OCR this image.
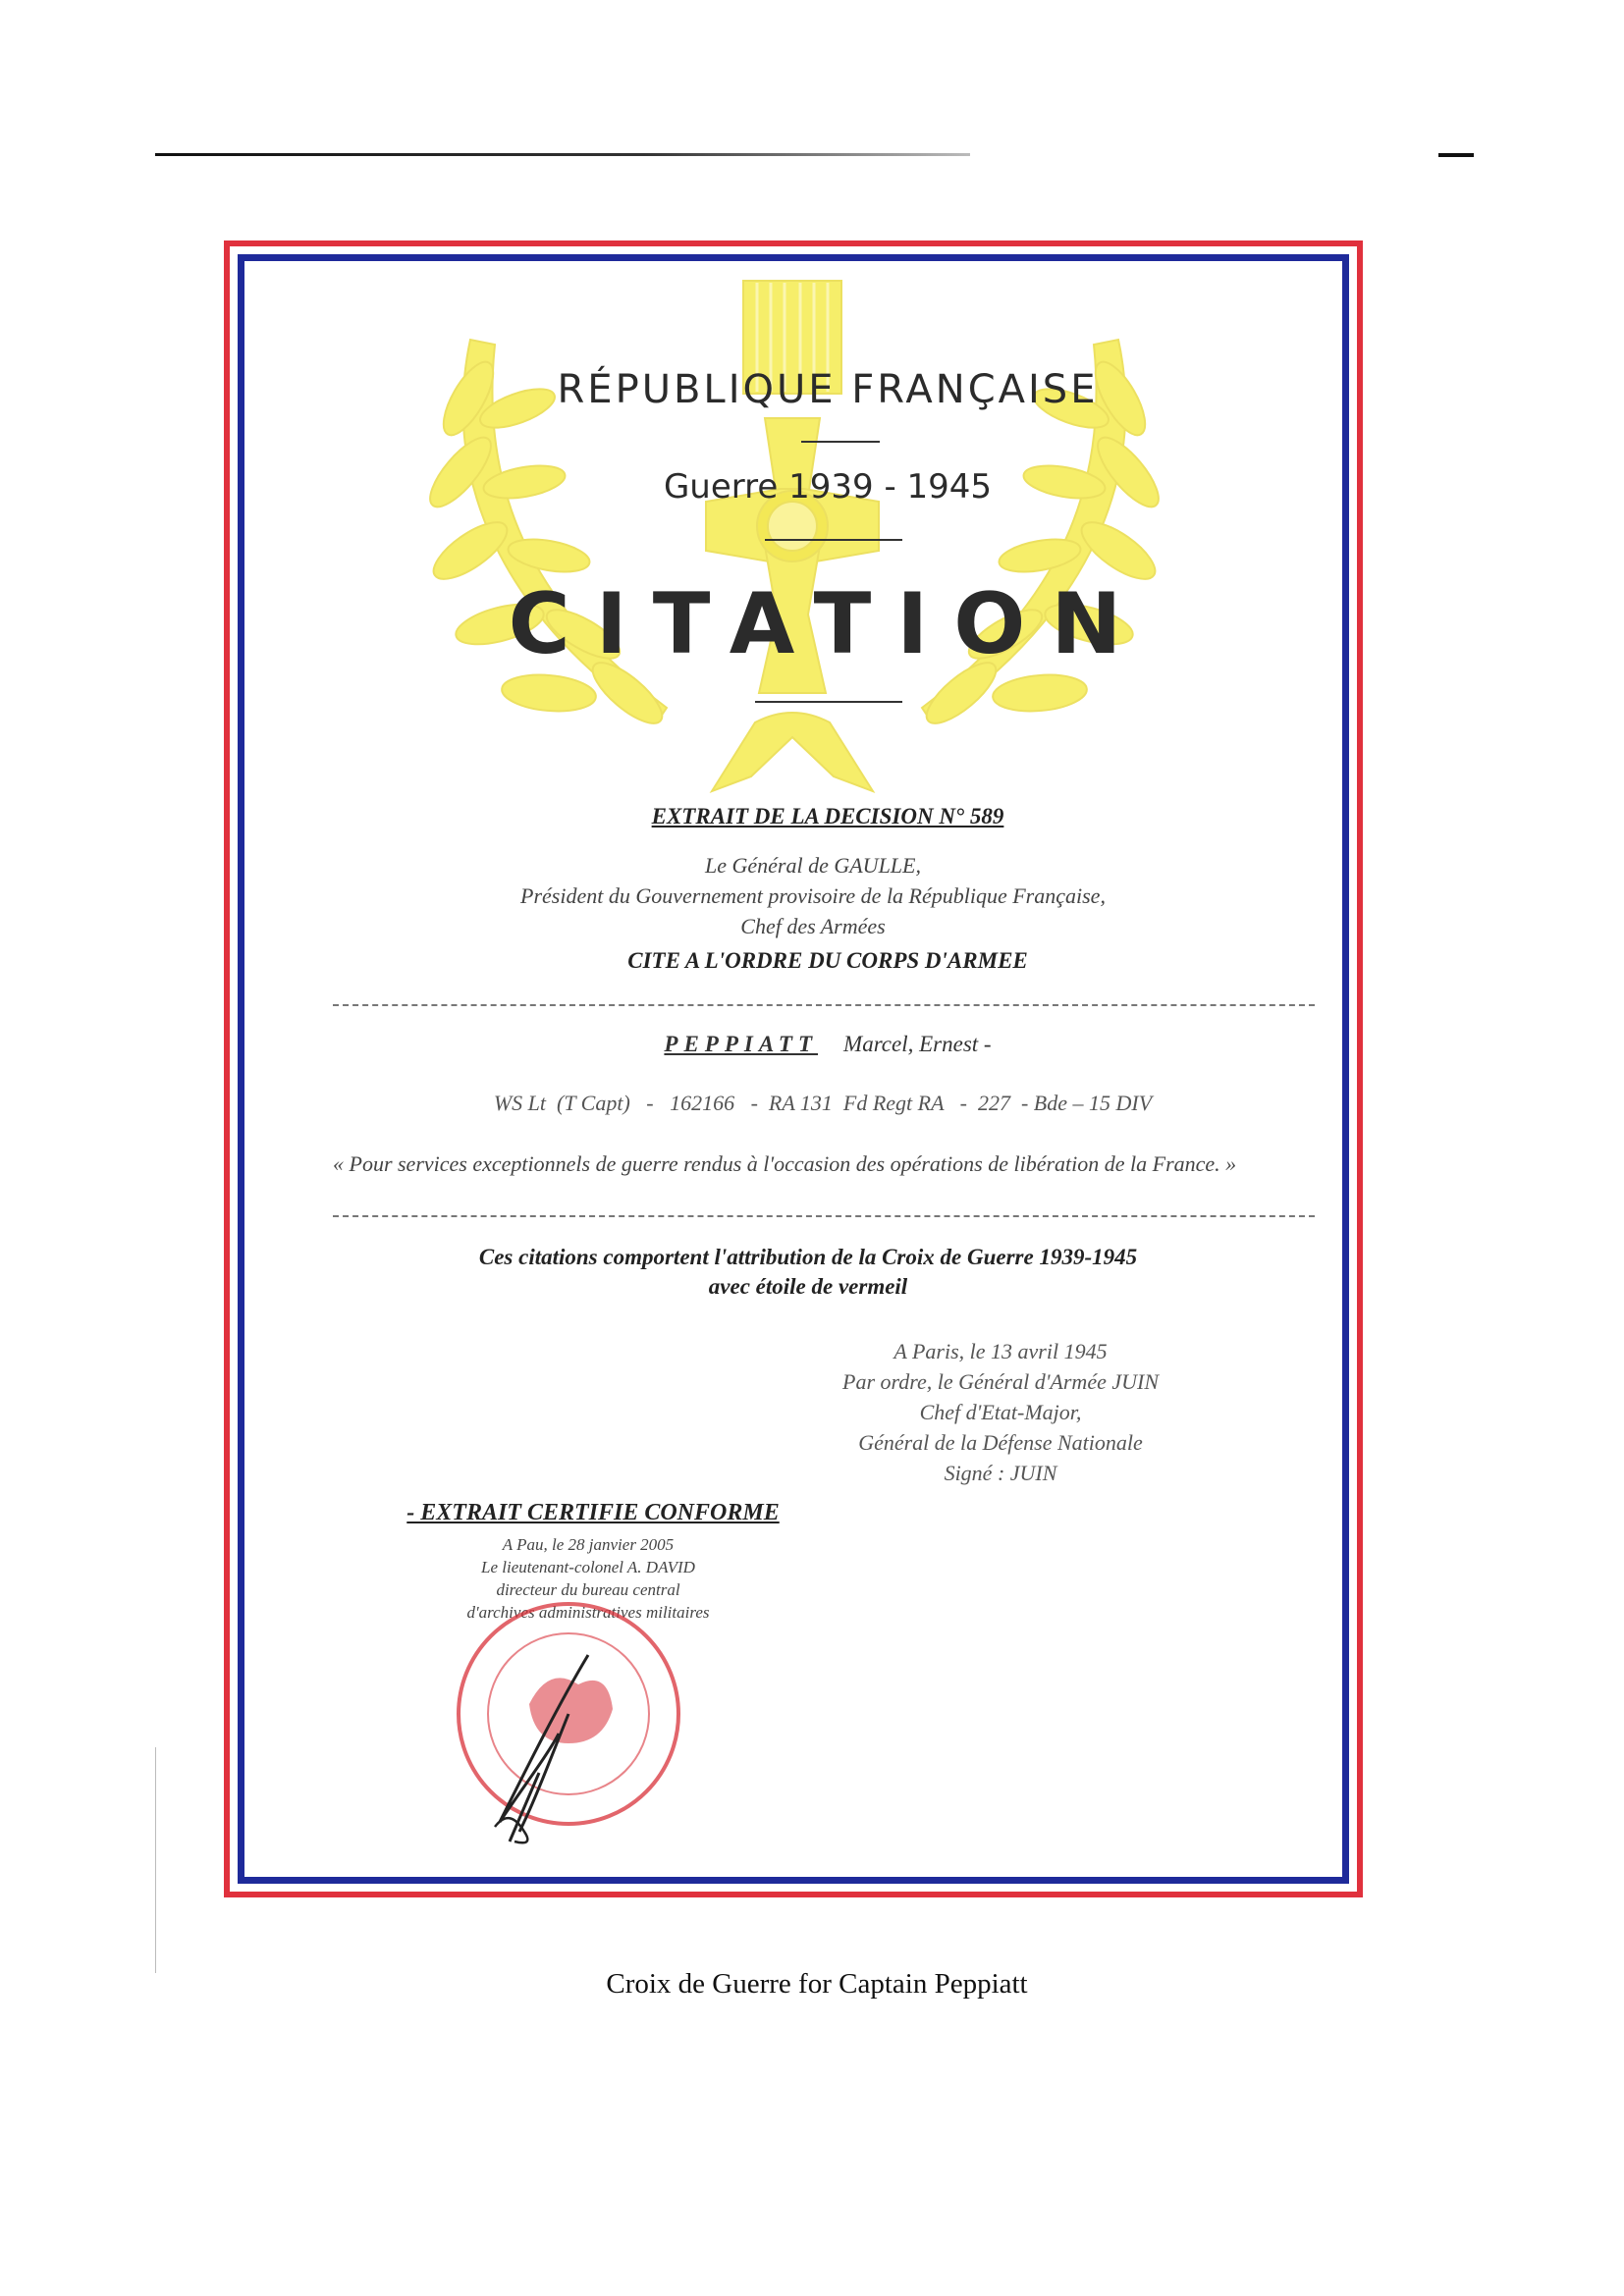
RÉPUBLIQUE FRANÇAISE
Guerre 1939 - 1945
CITATION
EXTRAIT DE LA DECISION N° 589
Le Général de GAULLE,
Président du Gouvernement provisoire de la République Française,
Chef des Armées
CITE A L'ORDRE DU CORPS D'ARMEE
PEPPIATT Marcel, Ernest -
WS Lt  (T Capt)   -   162166   -  RA 131  Fd Regt RA   -  227  - Bde – 15 DIV
« Pour services exceptionnels de guerre rendus à l'occasion des opérations de libération de la France. »
Ces citations comportent l'attribution de la Croix de Guerre 1939-1945
avec étoile de vermeil
A Paris, le 13 avril 1945
Par ordre, le Général d'Armée JUIN
Chef d'Etat-Major,
Général de la Défense Nationale
Signé : JUIN
- EXTRAIT CERTIFIE CONFORME
A Pau, le 28 janvier 2005
Le lieutenant-colonel A. DAVID
directeur du bureau central
d'archives administratives militaires
Croix de Guerre for Captain Peppiatt
